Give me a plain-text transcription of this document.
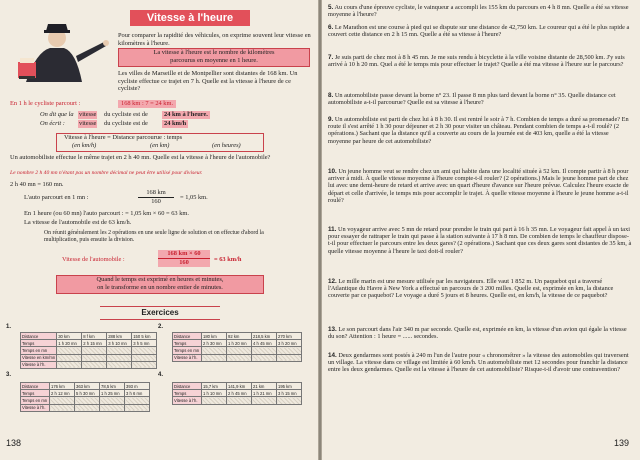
Vitesse à l'heure
Pour comparer la rapidité des véhicules, on exprime souvent leur vitesse en kilomètres à l'heure.
La vitesse à l'heure est le nombre de kilomètres
parcourus en moyenne en 1 heure.
Les villes de Marseille et de Montpellier sont distantes de 168 km. Un cycliste effectue ce trajet en 7 h. Quelle est la vitesse à l'heure de ce cycliste?
En 1 h le cycliste parcourt :	168 km : 7 = 24 km.
On dit que la vitesse du cycliste est de	24 km à l'heure.
On écrit : vitesse du cycliste est de	24 km/h
Vitesse à l'heure = Distance parcourue : temps
(en km/h)	(en km)	(en heures)
Un automobiliste effectue le même trajet en 2 h 40 mn. Quelle est la vitesse à l'heure de l'automobile?
Le nombre 2 h 40 mn n'étant pas un nombre décimal ne peut être utilisé pour diviseur.
2 h 40 mn = 160 mn.
L'auto parcourt en 1 mn :
168 km
160
= 1,05 km.
En 1 heure (ou 60 mn) l'auto parcourt : = 1,05 km × 60 = 63 km.
La vitesse de l'automobile est de 63 km/h.
On réunit généralement les 2 opérations en une seule ligne de solution et on effectue d'abord la multiplication, puis ensuite la division.
Vitesse de l'automobile :
168 km × 60
160	= 63 km/h
Quand le temps est exprimé en heures et minutes,
on le transforme en un nombre entier de minutes.
Exercices
1.
Distance	30 km	8 f km	288 km	150 5 km
Temps	1 h 20 mn	2 h 15 mn	3 h 10 mn	3 h 5 mn
Temps en mn				
Vitesse en km/mn				
Vitesse à l'h.				
2.
Distance	180 km	92 km	218,5 km	270 km
Temps	2 h 30 mn	1 h 20 mn	4 h 45 mn	3 h 20 mn
Temps en mn				
Vitesse à l'h.				
3.
Distance	176 km	363 km	78,5 km	393 m
Temps	2 h 12 mn	5 h 30 mn	1 h 25 mn	3 h 6 mn
Temps en mn				
Vitesse à l'h.				
4.
Distance	15,7 km	141,9 km	21 km	195 km
Temps	1 h 10 mn	2 h 45 mn	1 h 21 mn	3 h 15 mn
Vitesse à l'h.				
138
5. Au cours d'une épreuve cycliste, le vainqueur a accompli les 155 km du parcours en 4 h 8 mn. Quelle a été sa vitesse moyenne à l'heure?
6. Le Marathon est une course à pied qui se dispute sur une distance de 42,750 km. Le coureur qui a été le plus rapide a couvert cette distance en 2 h 15 mn. Quelle a été sa vitesse à l'heure?
7. Je suis parti de chez moi à 8 h 45 mn. Je me suis rendu à bicyclette à la ville voisine distante de 28,500 km. J'y suis arrivé à 10 h 20 mn. Quel a été le temps mis pour effectuer le trajet? Quelle a été ma vitesse à l'heure sur le parcours?
8. Un automobiliste passe devant la borne n° 23. Il passe 8 mn plus tard devant la borne n° 35. Quelle distance cet automobiliste a-t-il parcourue? Quelle est sa vitesse à l'heure?
9. Un automobiliste est parti de chez lui à 8 h 30. Il est rentré le soir à 7 h. Combien de temps a duré sa promenade? En route il s'est arrêté 1 h 30 pour déjeuner et 2 h 30 pour visiter un château. Pendant combien de temps a-t-il roulé? (2 opérations.) Sachant que la distance qu'il a couverte au cours de la journée est de 403 km, quelle a été la vitesse moyenne par heure de cet automobiliste?
10. Un jeune homme veut se rendre chez un ami qui habite dans une localité située à 52 km. Il compte partir à 8 h pour arriver à midi. À quelle vitesse moyenne à l'heure compte-t-il rouler? (2 opérations.) Mais le jeune homme part de chez lui avec une demi-heure de retard et arrive avec un quart d'heure d'avance sur l'heure prévue. Calculez l'heure exacte de départ et celle d'arrivée, le temps mis pour accomplir le trajet. À quelle vitesse moyenne à l'heure le jeune homme a-t-il roulé?
11. Un voyageur arrive avec 5 mn de retard pour prendre le train qui part à 16 h 35 mn. Le voyageur fait appel à un taxi pour essayer de rattraper le train qui passe à la station suivante à 17 h 8 mn. De combien de temps le chauffeur dispose-t-il pour effectuer le parcours entre les deux gares? (2 opérations.) Sachant que ces deux gares sont distantes de 35 km, à quelle vitesse moyenne à l'heure le taxi doit-il rouler?
12. Le mille marin est une mesure utilisée par les navigateurs. Elle vaut 1 852 m. Un paquebot qui a traversé l'Atlantique du Havre à New York a effectué un parcours de 3 200 milles. Quelle est, exprimée en km, la distance couverte par ce paquebot? Le voyage a duré 5 jours et 8 heures. Quelle est, en km/h, la vitesse de ce paquebot?
13. Le son parcourt dans l'air 340 m par seconde. Quelle est, exprimée en km, la vitesse d'un avion qui égale la vitesse du son? Attention : 1 heure = ...... secondes.
14. Deux gendarmes sont postés à 240 m l'un de l'autre pour « chronométrer » la vitesse des automobiles qui traversent un village. La vitesse dans ce village est limitée à 60 km/h. Un automobiliste met 12 secondes pour franchir la distance entre les deux gendarmes. Quelle est la vitesse à l'heure de cet automobiliste? Risque-t-il d'avoir une contravention?
139
